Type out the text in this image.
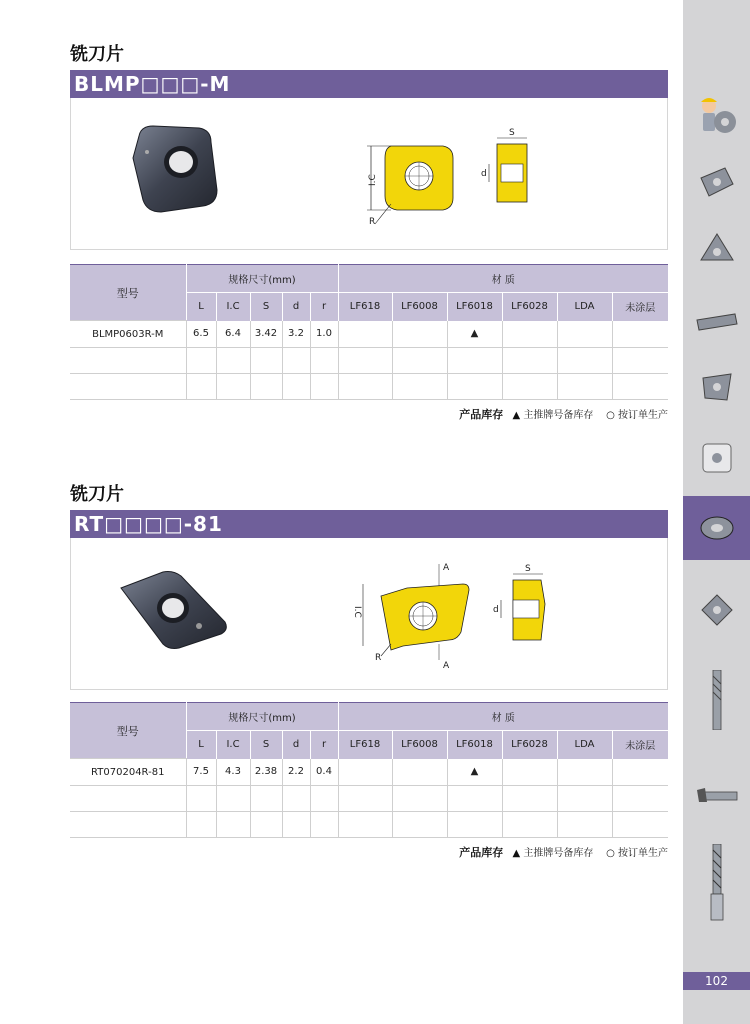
102
铣刀片
BLMP□□□-M
I.C
R
S
d
型号	规格尺寸(mm)					材 质					
	L	I.C	S	d	r	LF618	LF6008	LF6018	LF6028	LDA	未涂层
BLMP0603R-M	6.5	6.4	3.42	3.2	1.0			▲			

产品库存 ▲ 主推牌号备库存 ○ 按订单生产
铣刀片
RT□□□□-81
A
I.C
R
A
S
d
型号	规格尺寸(mm)					材 质					
	L	I.C	S	d	r	LF618	LF6008	LF6018	LF6028	LDA	未涂层
RT070204R-81	7.5	4.3	2.38	2.2	0.4			▲			

产品库存 ▲ 主推牌号备库存 ○ 按订单生产
